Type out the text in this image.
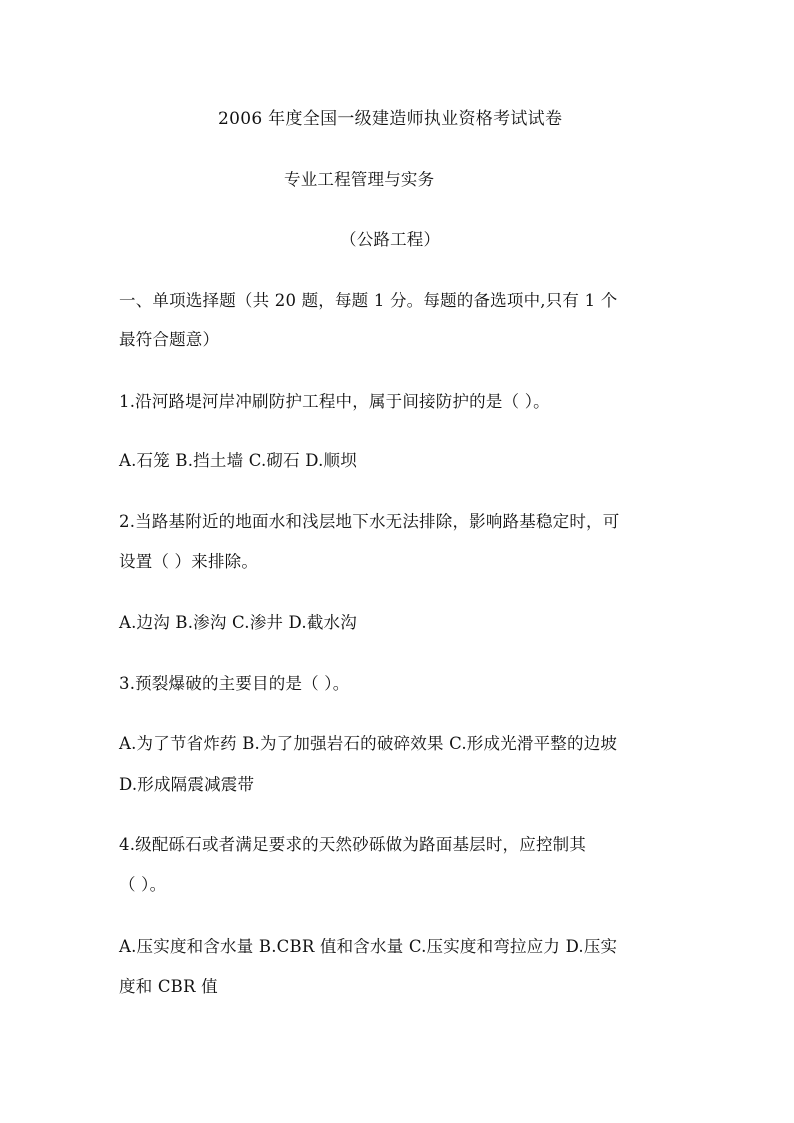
2006 年度全国一级建造师执业资格考试试卷
专业工程管理与实务
（公路工程）
一、单项选择题（共 20 题，每题 1 分。每题的备选项中,只有 1 个
最符合题意）
1.沿河路堤河岸冲刷防护工程中，属于间接防护的是（ ）。
A.石笼 B.挡土墙 C.砌石 D.顺坝
2.当路基附近的地面水和浅层地下水无法排除，影响路基稳定时，可
设置（ ）来排除。
A.边沟 B.渗沟 C.渗井 D.截水沟
3.预裂爆破的主要目的是（ ）。
A.为了节省炸药 B.为了加强岩石的破碎效果 C.形成光滑平整的边坡
D.形成隔震减震带
4.级配砾石或者满足要求的天然砂砾做为路面基层时，应控制其
（ ）。
A.压实度和含水量 B.CBR 值和含水量 C.压实度和弯拉应力 D.压实
度和 CBR 值
